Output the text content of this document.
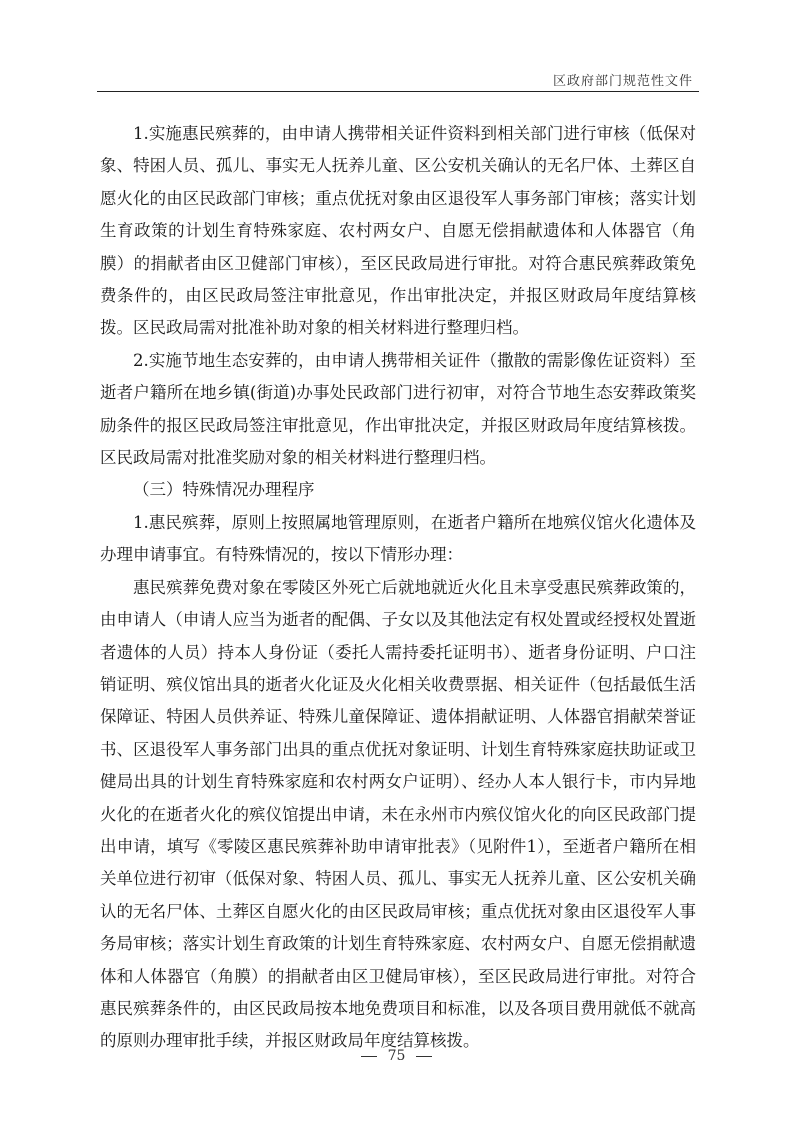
区政府部门规范性文件

1.实施惠民殡葬的，由申请人携带相关证件资料到相关部门进行审核（低保对象、特困人员、孤儿、事实无人抚养儿童、区公安机关确认的无名尸体、土葬区自愿火化的由区民政部门审核；重点优抚对象由区退役军人事务部门审核；落实计划生育政策的计划生育特殊家庭、农村两女户、自愿无偿捐献遗体和人体器官（角膜）的捐献者由区卫健部门审核），至区民政局进行审批。对符合惠民殡葬政策免费条件的，由区民政局签注审批意见，作出审批决定，并报区财政局年度结算核拨。区民政局需对批准补助对象的相关材料进行整理归档。

2.实施节地生态安葬的，由申请人携带相关证件（撒散的需影像佐证资料）至逝者户籍所在地乡镇(街道)办事处民政部门进行初审，对符合节地生态安葬政策奖励条件的报区民政局签注审批意见，作出审批决定，并报区财政局年度结算核拨。区民政局需对批准奖励对象的相关材料进行整理归档。

（三）特殊情况办理程序

1.惠民殡葬，原则上按照属地管理原则，在逝者户籍所在地殡仪馆火化遗体及办理申请事宜。有特殊情况的，按以下情形办理：

惠民殡葬免费对象在零陵区外死亡后就地就近火化且未享受惠民殡葬政策的，由申请人（申请人应当为逝者的配偶、子女以及其他法定有权处置或经授权处置逝者遗体的人员）持本人身份证（委托人需持委托证明书）、逝者身份证明、户口注销证明、殡仪馆出具的逝者火化证及火化相关收费票据、相关证件（包括最低生活保障证、特困人员供养证、特殊儿童保障证、遗体捐献证明、人体器官捐献荣誉证书、区退役军人事务部门出具的重点优抚对象证明、计划生育特殊家庭扶助证或卫健局出具的计划生育特殊家庭和农村两女户证明）、经办人本人银行卡，市内异地火化的在逝者火化的殡仪馆提出申请，未在永州市内殡仪馆火化的向区民政部门提出申请，填写《零陵区惠民殡葬补助申请审批表》（见附件1），至逝者户籍所在相关单位进行初审（低保对象、特困人员、孤儿、事实无人抚养儿童、区公安机关确认的无名尸体、土葬区自愿火化的由区民政局审核；重点优抚对象由区退役军人事务局审核；落实计划生育政策的计划生育特殊家庭、农村两女户、自愿无偿捐献遗体和人体器官（角膜）的捐献者由区卫健局审核），至区民政局进行审批。对符合惠民殡葬条件的，由区民政局按本地免费项目和标准，以及各项目费用就低不就高的原则办理审批手续，并报区财政局年度结算核拨。

75
